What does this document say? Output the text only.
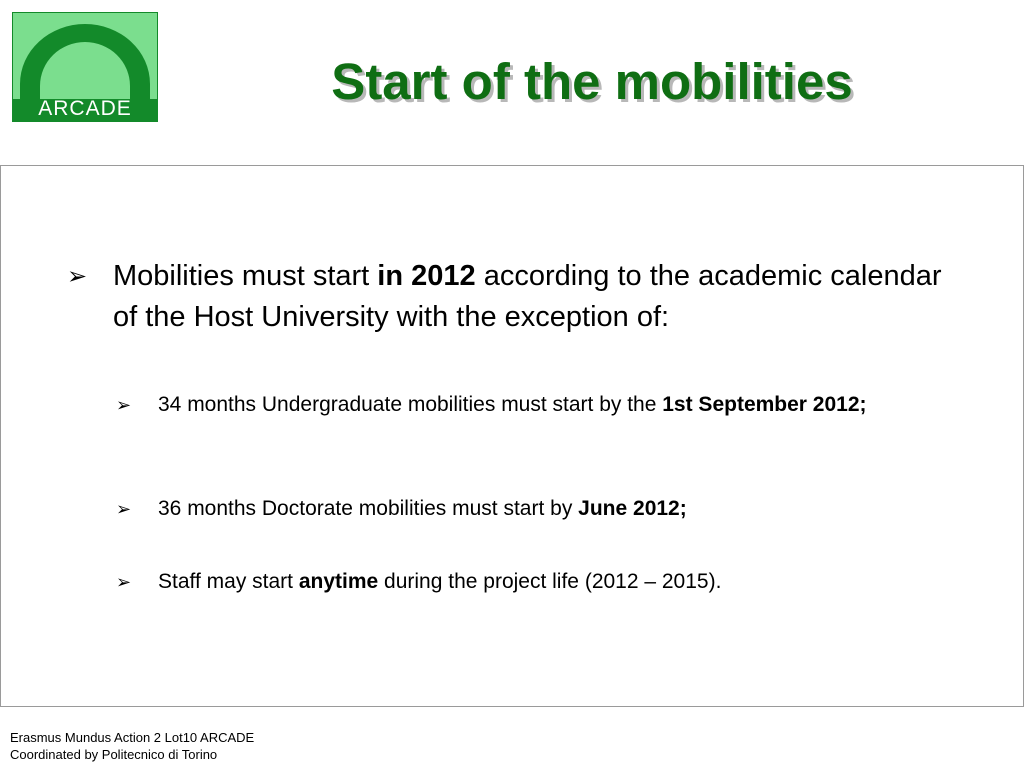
ARCADE	Start of the mobilities
➢ Mobilities must start in 2012 according to the academic calendar of the Host University with the exception of:
➢	34 months Undergraduate mobilities must start by the 1st September 2012;
➢	36 months Doctorate mobilities must start by June 2012;
➢	Staff may start anytime during the project life (2012 – 2015).
Erasmus Mundus Action 2 Lot10 ARCADE
Coordinated by Politecnico di Torino
